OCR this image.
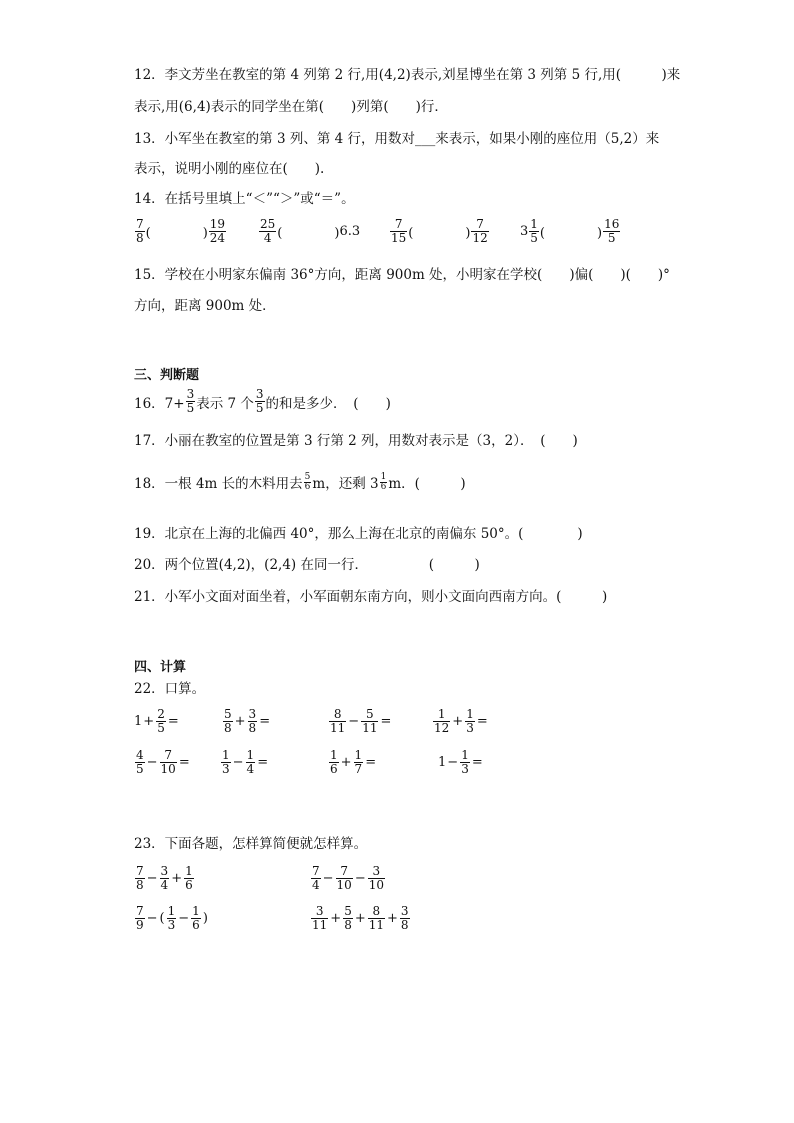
12．李文芳坐在教室的第 4 列第 2 行,用(4,2)表示,刘星博坐在第 3 列第 5 行,用(　　　)来
表示,用(6,4)表示的同学坐在第(　　)列第(　　)行．
13．小军坐在教室的第 3 列、第 4 行，用数对___来表示，如果小刚的座位用（5,2）来
表示，说明小刚的座位在(　　).
14．在括号里填上“＜”“＞”或“＝”。
$\frac{7}{8}$ (　　　　) $\frac{19}{24}$	$\frac{25}{4}$ (　　　　) $6.3 \frac{7}{15}$ (　　　　) $\frac{7}{12} 3 \frac{1}{5}$ (　　　　) $\frac{16}{5}$
15．学校在小明家东偏南 36°方向，距离 900m 处，小明家在学校(　　)偏(　　)(　　)°
方向，距离 900m 处．
三、判断题
16．$7+ \frac{3}{5}$ 表示 7 个 $\frac{3}{5}$ 的和是多少．　(　　)
17．小丽在教室的位置是第 3 行第 2 列，用数对表示是（3，2）．　(　　)
18．一根 4m 长的木料用去 $\frac{5}{6}$ m，还剩 $3 \frac{1}{6}$ m．(　　　)
19．北京在上海的北偏西 40°，那么上海在北京的南偏东 50°。(　　　　)
20．两个位置(4,2)，(2,4) 在同一行．　　　　　(　　　)
21．小军小文面对面坐着，小军面朝东南方向，则小文面向西南方向。(　　　)
四、计算
22．口算。
23．下面各题，怎样算简便就怎样算。
$1 + \frac{2}{5}$ =	$\frac{5}{8} + \frac{3}{8}$ =	$\frac{8}{11} - \frac{5}{11}$ =	$\frac{1}{12} + \frac{1}{3}$ =
$\frac{4}{5} - \frac{7}{10}$ =	$\frac{1}{3} - \frac{1}{4}$ =	$\frac{1}{6} + \frac{1}{7}$ =	$1 - \frac{1}{3}$ =
$\frac{7}{8} - \frac{3}{4} + \frac{1}{6}$	$\frac{7}{4} - \frac{7}{10} - \frac{3}{10}$
$\frac{7}{9}$ − ( $\frac{1}{3} - \frac{1}{6}$ )	$\frac{3}{11} + \frac{5}{8} + \frac{8}{11} + \frac{3}{8}$
